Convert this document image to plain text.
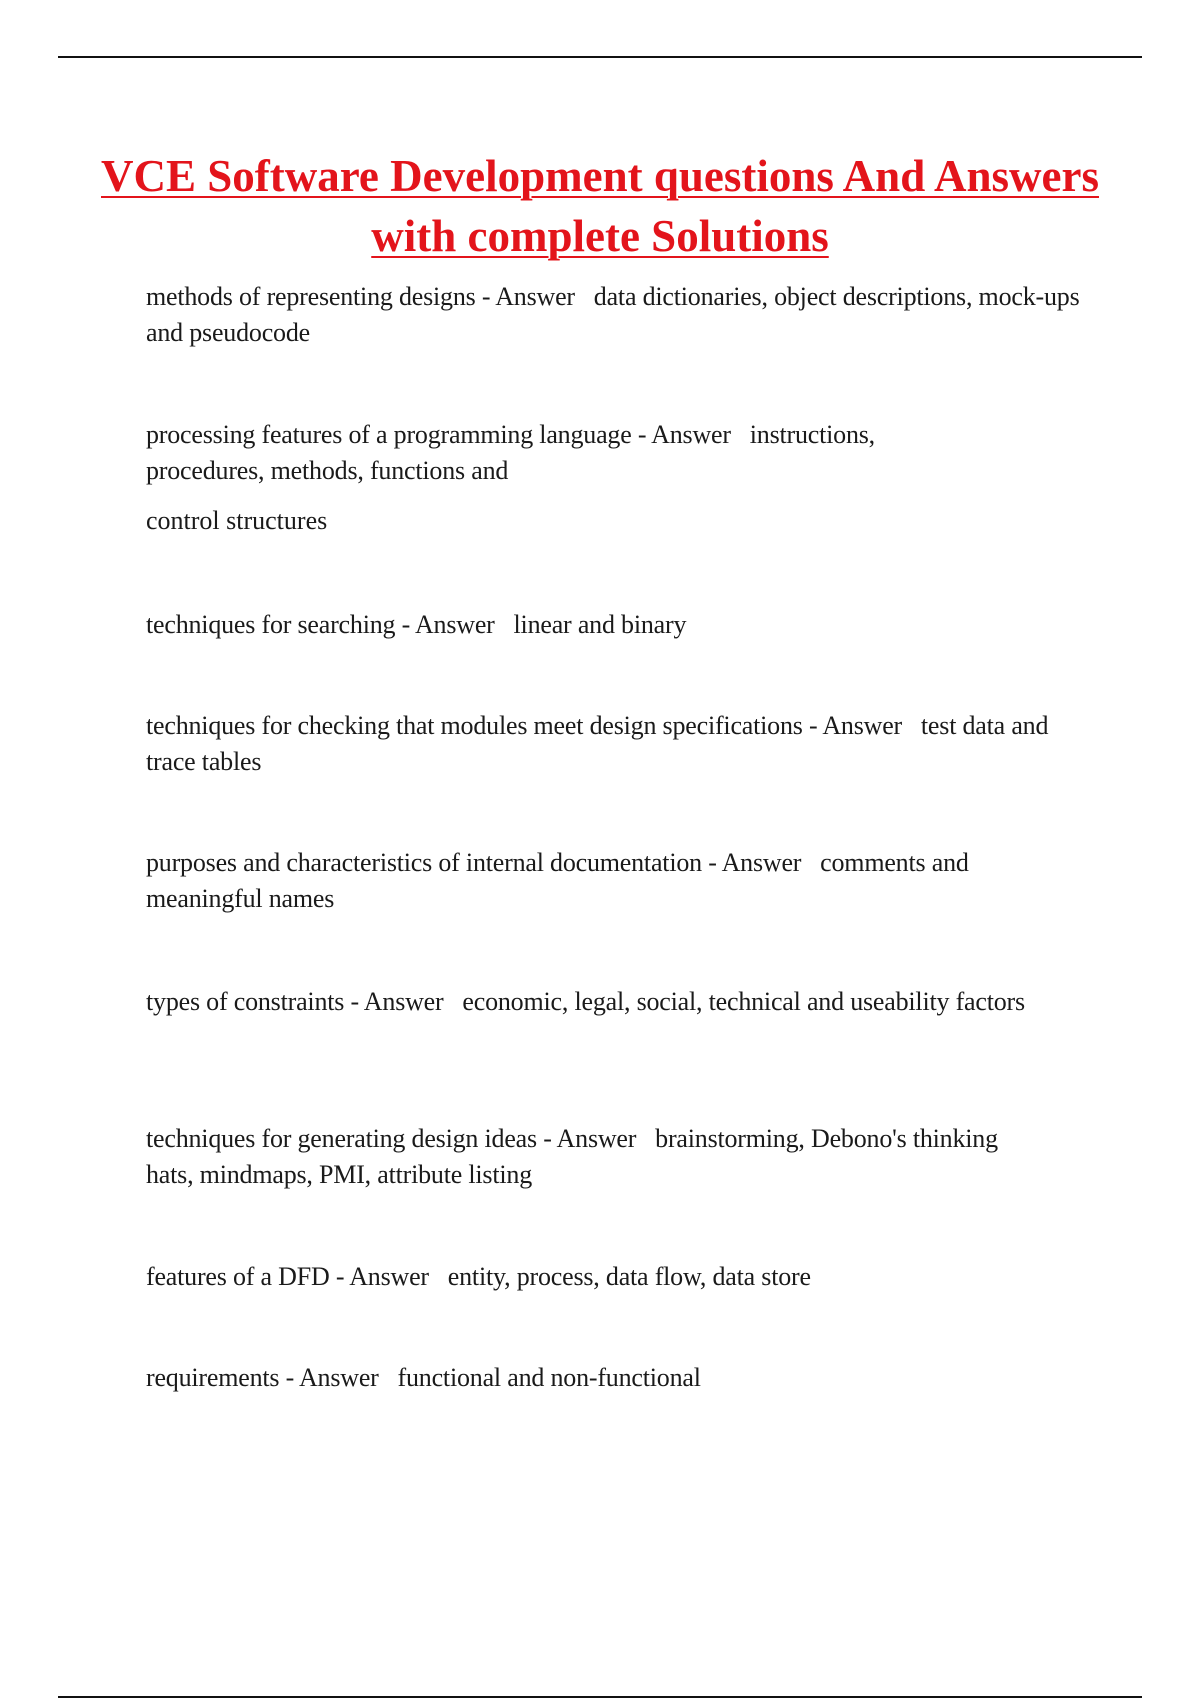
VCE Software Development questions And Answers with complete Solutions

methods of representing designs - Answer   data dictionaries, object descriptions, mock-ups and pseudocode

processing features of a programming language - Answer   instructions, procedures, methods, functions and

control structures

techniques for searching - Answer   linear and binary

techniques for checking that modules meet design specifications - Answer   test data and trace tables

purposes and characteristics of internal documentation - Answer   comments and meaningful names

types of constraints - Answer   economic, legal, social, technical and useability factors

techniques for generating design ideas - Answer   brainstorming, Debono's thinking hats, mindmaps, PMI, attribute listing

features of a DFD - Answer   entity, process, data flow, data store

requirements - Answer   functional and non-functional
